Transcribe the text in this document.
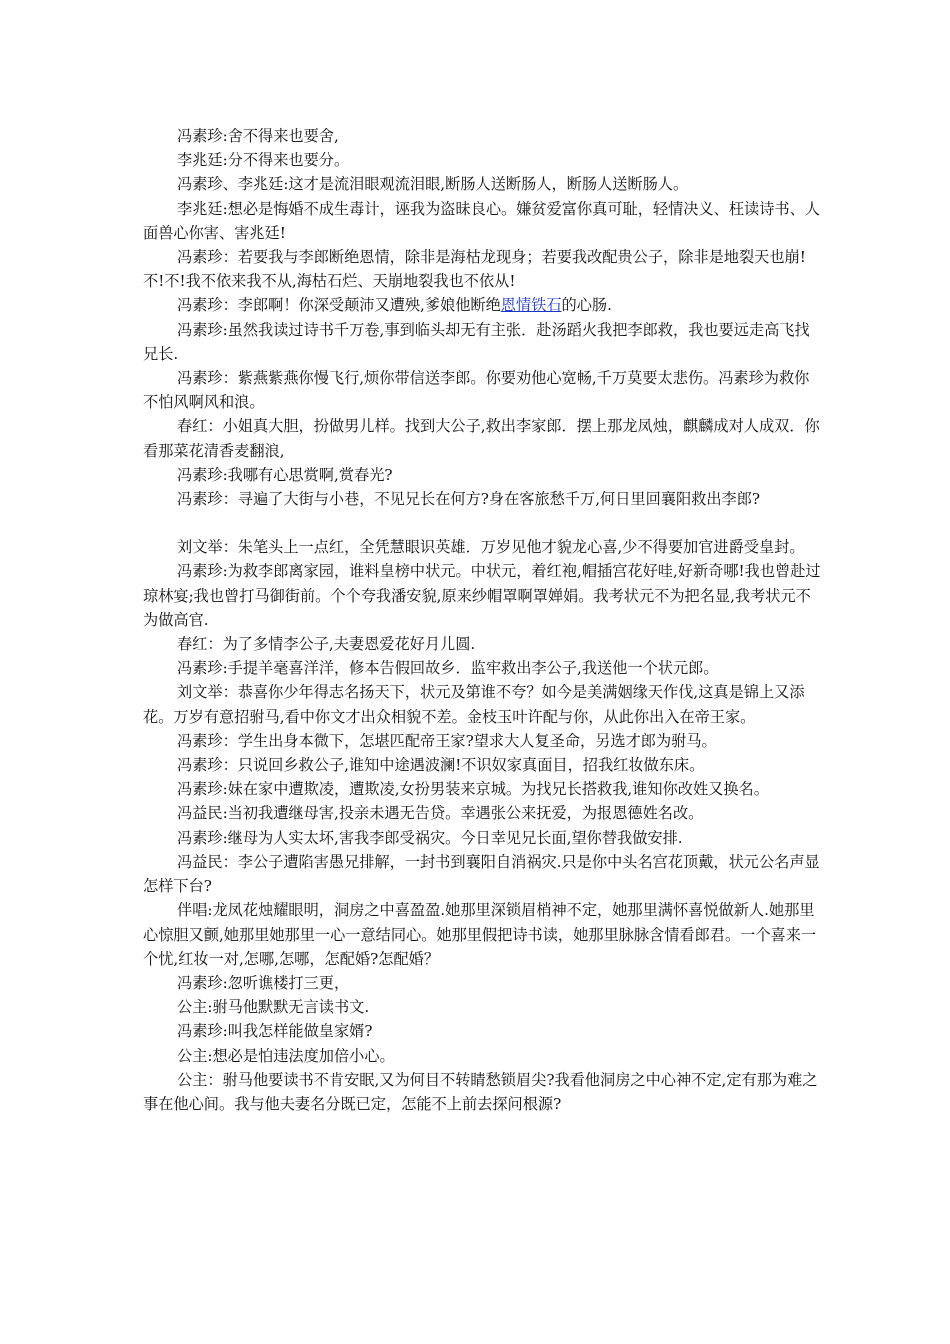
冯素珍:舍不得来也要舍,

李兆廷:分不得来也要分。

冯素珍、李兆廷:这才是流泪眼观流泪眼,断肠人送断肠人，断肠人送断肠人。

李兆廷:想必是悔婚不成生毒计，诬我为盗昧良心。嫌贫爱富你真可耻，轻情决义、枉读诗书、人面兽心你害、害兆廷!

冯素珍：若要我与李郎断绝恩情，除非是海枯龙现身；若要我改配贵公子，除非是地裂天也崩!不!不!我不依来我不从,海枯石烂、天崩地裂我也不依从!

冯素珍：李郎啊！你深受颠沛又遭殃,爹娘他断绝恩情铁石的心肠.

冯素珍:虽然我读过诗书千万卷,事到临头却无有主张．赴汤蹈火我把李郎救，我也要远走高飞找兄长.

冯素珍：紫燕紫燕你慢飞行,烦你带信送李郎。你要劝他心宽畅,千万莫要太悲伤。冯素珍为救你不怕风啊风和浪。

春红：小姐真大胆，扮做男儿样。找到大公子,救出李家郎．摆上那龙凤烛，麒麟成对人成双．你看那菜花清香麦翻浪,

冯素珍:我哪有心思赏啊,赏春光?

冯素珍：寻遍了大街与小巷，不见兄长在何方?身在客旅愁千万,何日里回襄阳救出李郎?

刘文举：朱笔头上一点红，全凭慧眼识英雄．万岁见他才貌龙心喜,少不得要加官进爵受皇封。

冯素珍:为救李郎离家园，谁料皇榜中状元。中状元，着红袍,帽插宫花好哇,好新奇哪!我也曾赴过琼林宴;我也曾打马御街前。个个夸我潘安貌,原来纱帽罩啊罩婵娟。我考状元不为把名显,我考状元不为做高官.

春红：为了多情李公子,夫妻恩爱花好月儿圆.

冯素珍:手提羊毫喜洋洋，修本告假回故乡．监牢救出李公子,我送他一个状元郎。

刘文举：恭喜你少年得志名扬天下，状元及第谁不夸？如今是美满姻缘天作伐,这真是锦上又添花。万岁有意招驸马,看中你文才出众相貌不差。金枝玉叶许配与你，从此你出入在帝王家。

冯素珍：学生出身本微下，怎堪匹配帝王家?望求大人复圣命，另选才郎为驸马。

冯素珍：只说回乡救公子,谁知中途遇波澜!不识奴家真面目，招我红妆做东床。

冯素珍:妹在家中遭欺凌，遭欺凌,女扮男装来京城。为找兄长搭救我,谁知你改姓又换名。

冯益民:当初我遭继母害,投亲未遇无告贷。幸遇张公来抚爱，为报恩德姓名改。

冯素珍:继母为人实太坏,害我李郎受祸灾。今日幸见兄长面,望你替我做安排.

冯益民：李公子遭陷害愚兄排解，一封书到襄阳自消祸灾.只是你中头名宫花顶戴，状元公名声显怎样下台?

伴唱:龙凤花烛耀眼明，洞房之中喜盈盈.她那里深锁眉梢神不定，她那里满怀喜悦做新人.她那里心惊胆又颤,她那里她那里一心一意结同心。她那里假把诗书读，她那里脉脉含情看郎君。一个喜来一个忧,红妆一对,怎哪,怎哪，怎配婚?怎配婚？

冯素珍:忽听谯楼打三更，

公主:驸马他默默无言读书文.

冯素珍:叫我怎样能做皇家婿?

公主:想必是怕违法度加倍小心。

公主：驸马他要读书不肯安眠,又为何目不转睛愁锁眉尖?我看他洞房之中心神不定,定有那为难之事在他心间。我与他夫妻名分既已定，怎能不上前去探问根源?
